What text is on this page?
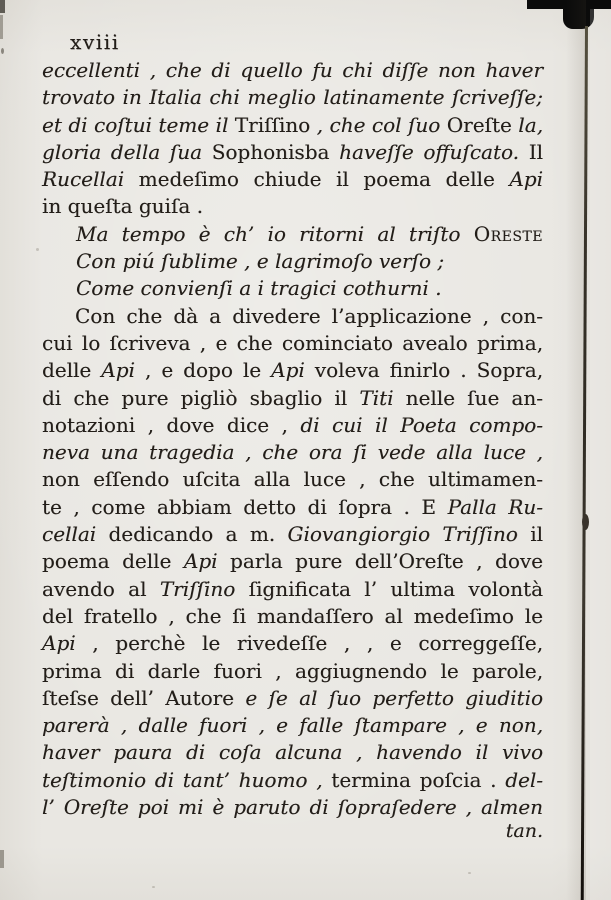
xviii
eccellenti , che di quello fu chi diſſe non haver
trovato in Italia chi meglio latinamente ſcriveſſe;
et di coſtui teme il Triſſino , che col ſuo Oreſte la‚
gloria della ſua Sophonisba haveſſe offuſcato. Il
Rucellai medeſimo chiude il poema delle Api
in queſta guiſa .
Ma tempo è ch’ io ritorni al triſto Oreste
Con piú ſublime , e lagrimoſo verſo ;
Come convienſi a i tragici cothurni .
Con che dà a divedere l’applicazione , con-
cui lo ſcriveva , e che cominciato avealo prima‚
delle Api , e dopo le Api voleva finirlo . Sopra‚
di che pure pigliò sbaglio il Titi nelle ſue an-
notazioni , dove dice , di cui il Poeta compo-
neva una tragedia , che ora ſi vede alla luce ,
non eſſendo uſcita alla luce , che ultimamen-
te , come abbiam detto di ſopra . E Palla Ru-
cellai dedicando a m. Giovangiorgio Triſſino il
poema delle Api parla pure dell’Oreſte , dove
avendo al Triſſino ſignificata l’ ultima volontà
del fratello , che ſi mandaſſero al medeſimo le
Api , perchè le rivedeſſe , , e correggeſſe‚
prima di darle fuori , aggiugnendo le parole‚
ſteſse dell’ Autore e ſe al ſuo perfetto giuditio
parerà , dalle fuori , e falle ſtampare , e non‚
haver paura di coſa alcuna , havendo il vivo
teſtimonio di tant’ huomo , termina poſcia . del-
l’ Oreſte poi mi è paruto di ſopraſedere , almen
tan.
